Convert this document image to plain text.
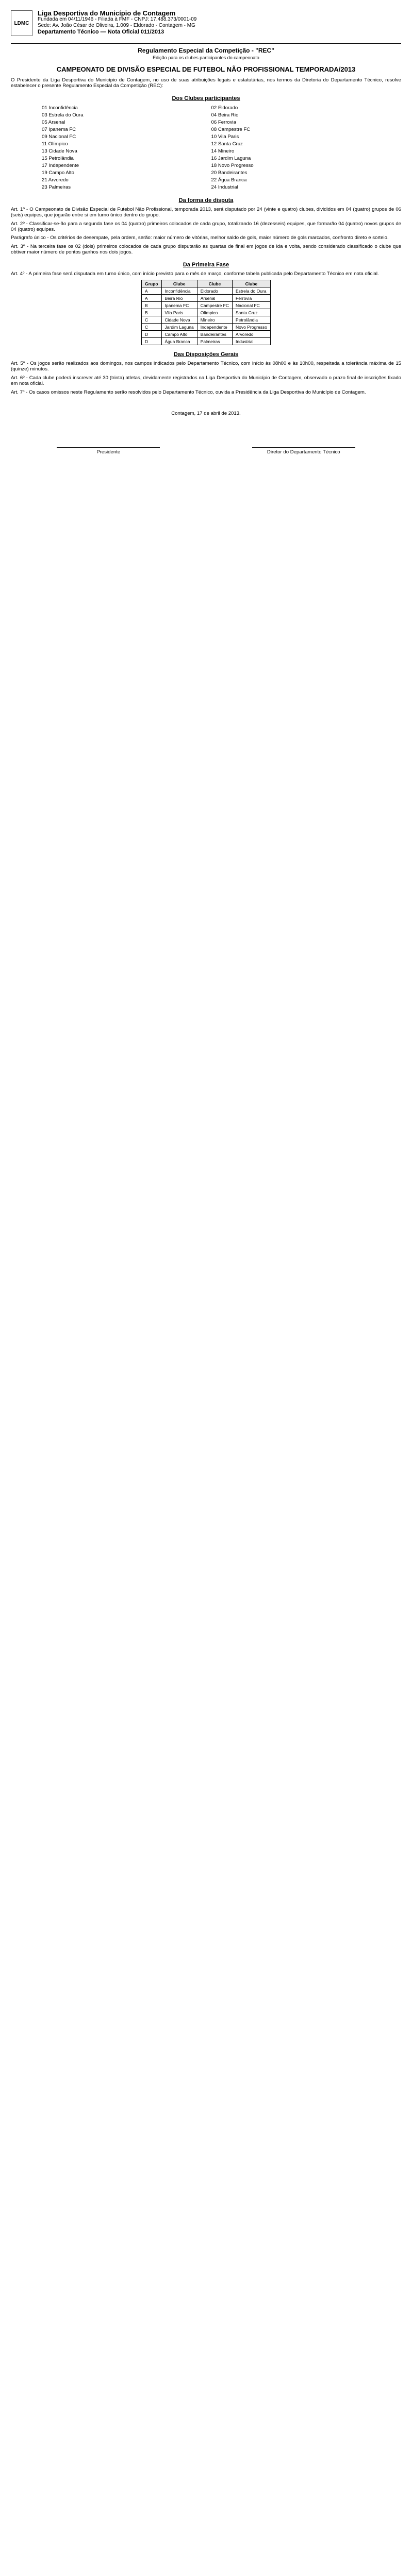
LDMC
Liga Desportiva do Município de Contagem
Fundada em 04/11/1946 - Filiada à FMF - CNPJ: 17.488.373/0001-09
Sede: Av. João César de Oliveira, 1.009 - Eldorado - Contagem - MG
Departamento Técnico — Nota Oficial 011/2013
Regulamento Especial da Competição - "REC"
Edição para os clubes participantes do campeonato
CAMPEONATO DE DIVISÃO ESPECIAL DE FUTEBOL NÃO PROFISSIONAL TEMPORADA/2013

O Presidente da Liga Desportiva do Município de Contagem, no uso de suas atribuições legais e estatutárias, nos termos da Diretoria do Departamento Técnico, resolve estabelecer o presente Regulamento Especial da Competição (REC):

Dos Clubes participantes
01 Inconfidência	02 Eldorado
03 Estrela do Oura	04 Beira Rio
05 Arsenal	06 Ferrovia
07 Ipanema FC	08 Campestre FC
09 Nacional FC	10 Vila Paris
11 Olímpico	12 Santa Cruz
13 Cidade Nova	14 Mineiro
15 Petrolândia	16 Jardim Laguna
17 Independente	18 Novo Progresso
19 Campo Alto	20 Bandeirantes
21 Arvoredo	22 Água Branca
23 Palmeiras	24 Industrial
Da forma de disputa

Art. 1º - O Campeonato de Divisão Especial de Futebol Não Profissional, temporada 2013, será disputado por 24 (vinte e quatro) clubes, divididos em 04 (quatro) grupos de 06 (seis) equipes, que jogarão entre si em turno único dentro do grupo.

Art. 2º - Classificar-se-ão para a segunda fase os 04 (quatro) primeiros colocados de cada grupo, totalizando 16 (dezesseis) equipes, que formarão 04 (quatro) novos grupos de 04 (quatro) equipes.

Parágrafo único - Os critérios de desempate, pela ordem, serão: maior número de vitórias, melhor saldo de gols, maior número de gols marcados, confronto direto e sorteio.

Art. 3º - Na terceira fase os 02 (dois) primeiros colocados de cada grupo disputarão as quartas de final em jogos de ida e volta, sendo considerado classificado o clube que obtiver maior número de pontos ganhos nos dois jogos.

Da Primeira Fase

Art. 4º - A primeira fase será disputada em turno único, com início previsto para o mês de março, conforme tabela publicada pelo Departamento Técnico em nota oficial.

Grupo	Clube	Clube	Clube
A	Inconfidência	Eldorado	Estrela do Oura
A	Beira Rio	Arsenal	Ferrovia
B	Ipanema FC	Campestre FC	Nacional FC
B	Vila Paris	Olímpico	Santa Cruz
C	Cidade Nova	Mineiro	Petrolândia
C	Jardim Laguna	Independente	Novo Progresso
D	Campo Alto	Bandeirantes	Arvoredo
D	Água Branca	Palmeiras	Industrial
Das Disposições Gerais

Art. 5º - Os jogos serão realizados aos domingos, nos campos indicados pelo Departamento Técnico, com início às 08h00 e às 10h00, respeitada a tolerância máxima de 15 (quinze) minutos.

Art. 6º - Cada clube poderá inscrever até 30 (trinta) atletas, devidamente registrados na Liga Desportiva do Município de Contagem, observado o prazo final de inscrições fixado em nota oficial.

Art. 7º - Os casos omissos neste Regulamento serão resolvidos pelo Departamento Técnico, ouvida a Presidência da Liga Desportiva do Município de Contagem.

Contagem, 17 de abril de 2013.
Presidente	Diretor do Departamento Técnico
